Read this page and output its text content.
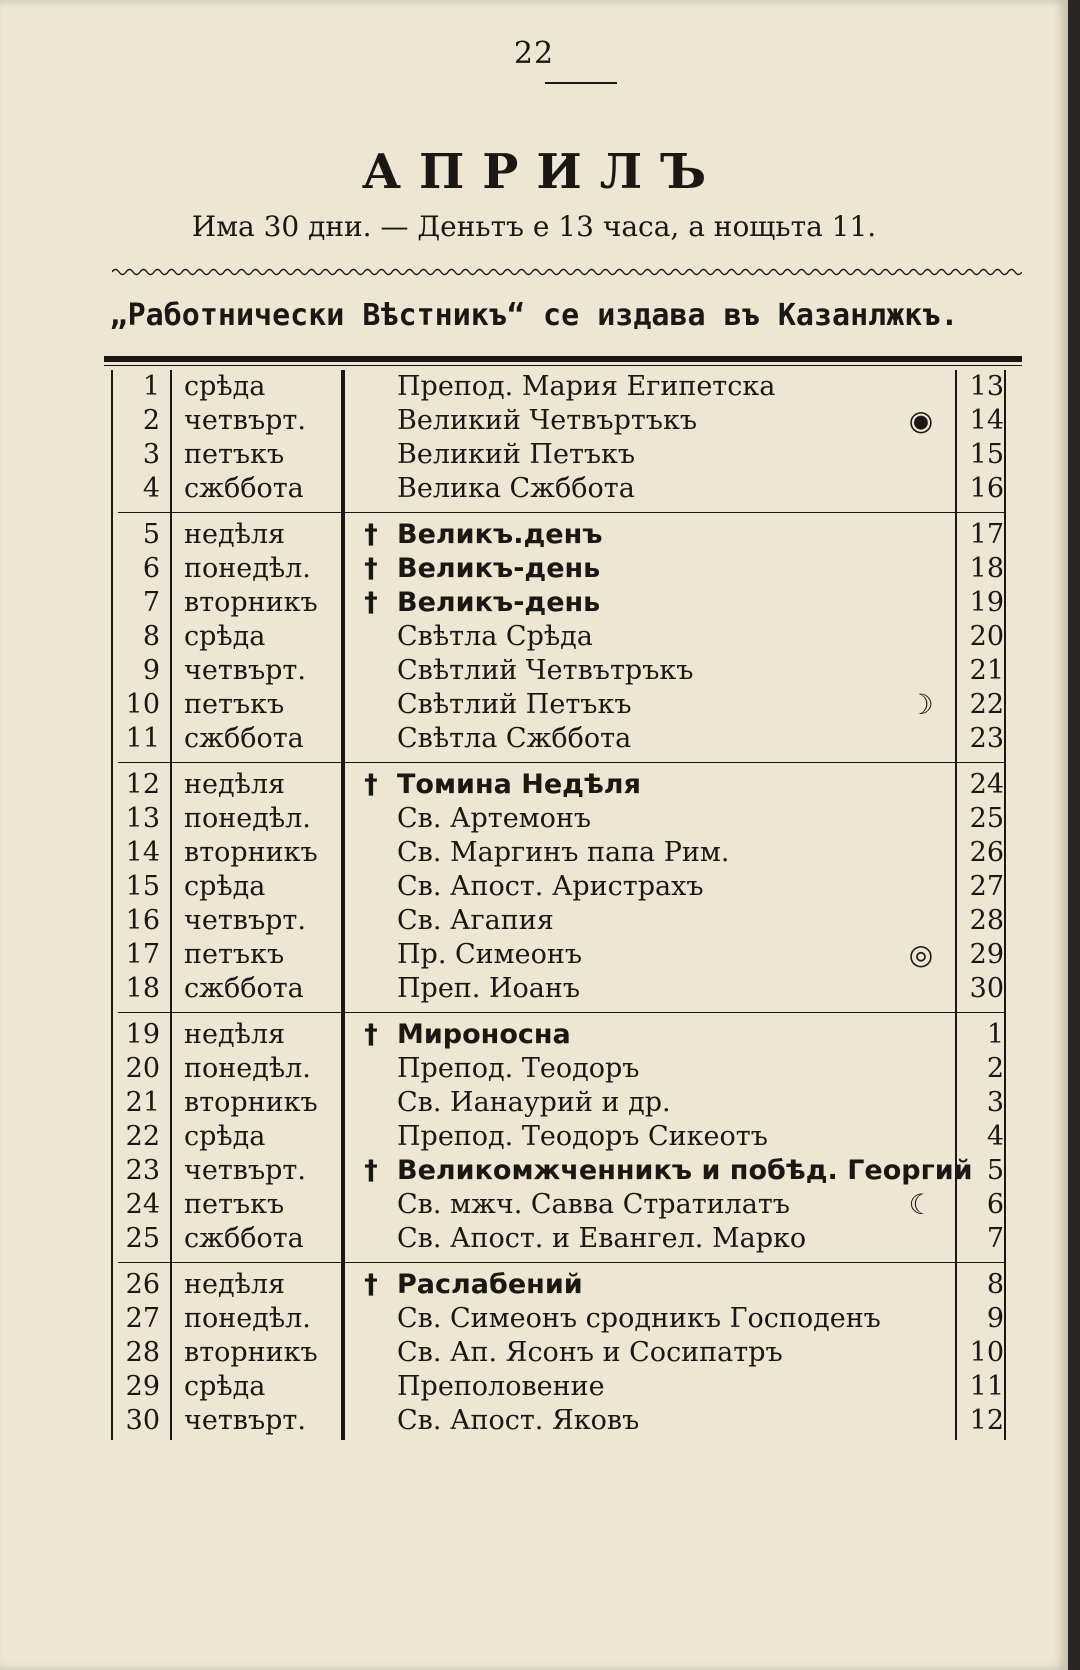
22
АПРИЛЪ
Има 30 дни. — Деньтъ е 13 часа, а нощьта 11.
„Работнически Вѣстникъ“ се издава въ Казанлжкъ.
1 срѣда	Препод. Мария Египетска	13
2 четвърт.	Великий Четвъртъкъ	◉ 14
3 петъкъ	Великий Петъкъ	15
4 сжббота	Велика Сжббота	16
5 недѣля	† Великъ.денъ	17
6 понедѣл.	† Великъ-день	18
7 вторникъ	† Великъ-день	19
8 срѣда	Свѣтла Срѣда	20
9 четвърт.	Свѣтлий Четвътръкъ	21
10 петъкъ	Свѣтлий Петъкъ	☽ 22
11 сжббота	Свѣтла Сжббота	23
12 недѣля	† Томина Недѣля	24
13 понедѣл.	Св. Артемонъ	25
14 вторникъ	Св. Маргинъ папа Рим.	26
15 срѣда	Св. Апост. Аристрахъ	27
16 четвърт.	Св. Агапия	28
17 петъкъ	Пр. Симеонъ	◎ 29
18 сжббота	Преп. Иоанъ	30
19 недѣля	† Мироносна	1
20 понедѣл.	Препод. Теодоръ	2
21 вторникъ	Св. Ианаурий и др.	3
22 срѣда	Препод. Теодоръ Сикеотъ	4
23 четвърт.	† Великомжченникъ и побѣд. Георгий 5
24 петъкъ	Св. мжч. Савва Стратилатъ	☾	6
25 сжббота	Св. Апост. и Евангел. Марко	7
26 недѣля	† Раслабений	8
27 понедѣл.	Св. Симеонъ сродникъ Господенъ	9
28 вторникъ	Св. Ап. Ясонъ и Сосипатръ	10
29 срѣда	Преполовение	11
30 четвърт.	Св. Апост. Яковъ	12
